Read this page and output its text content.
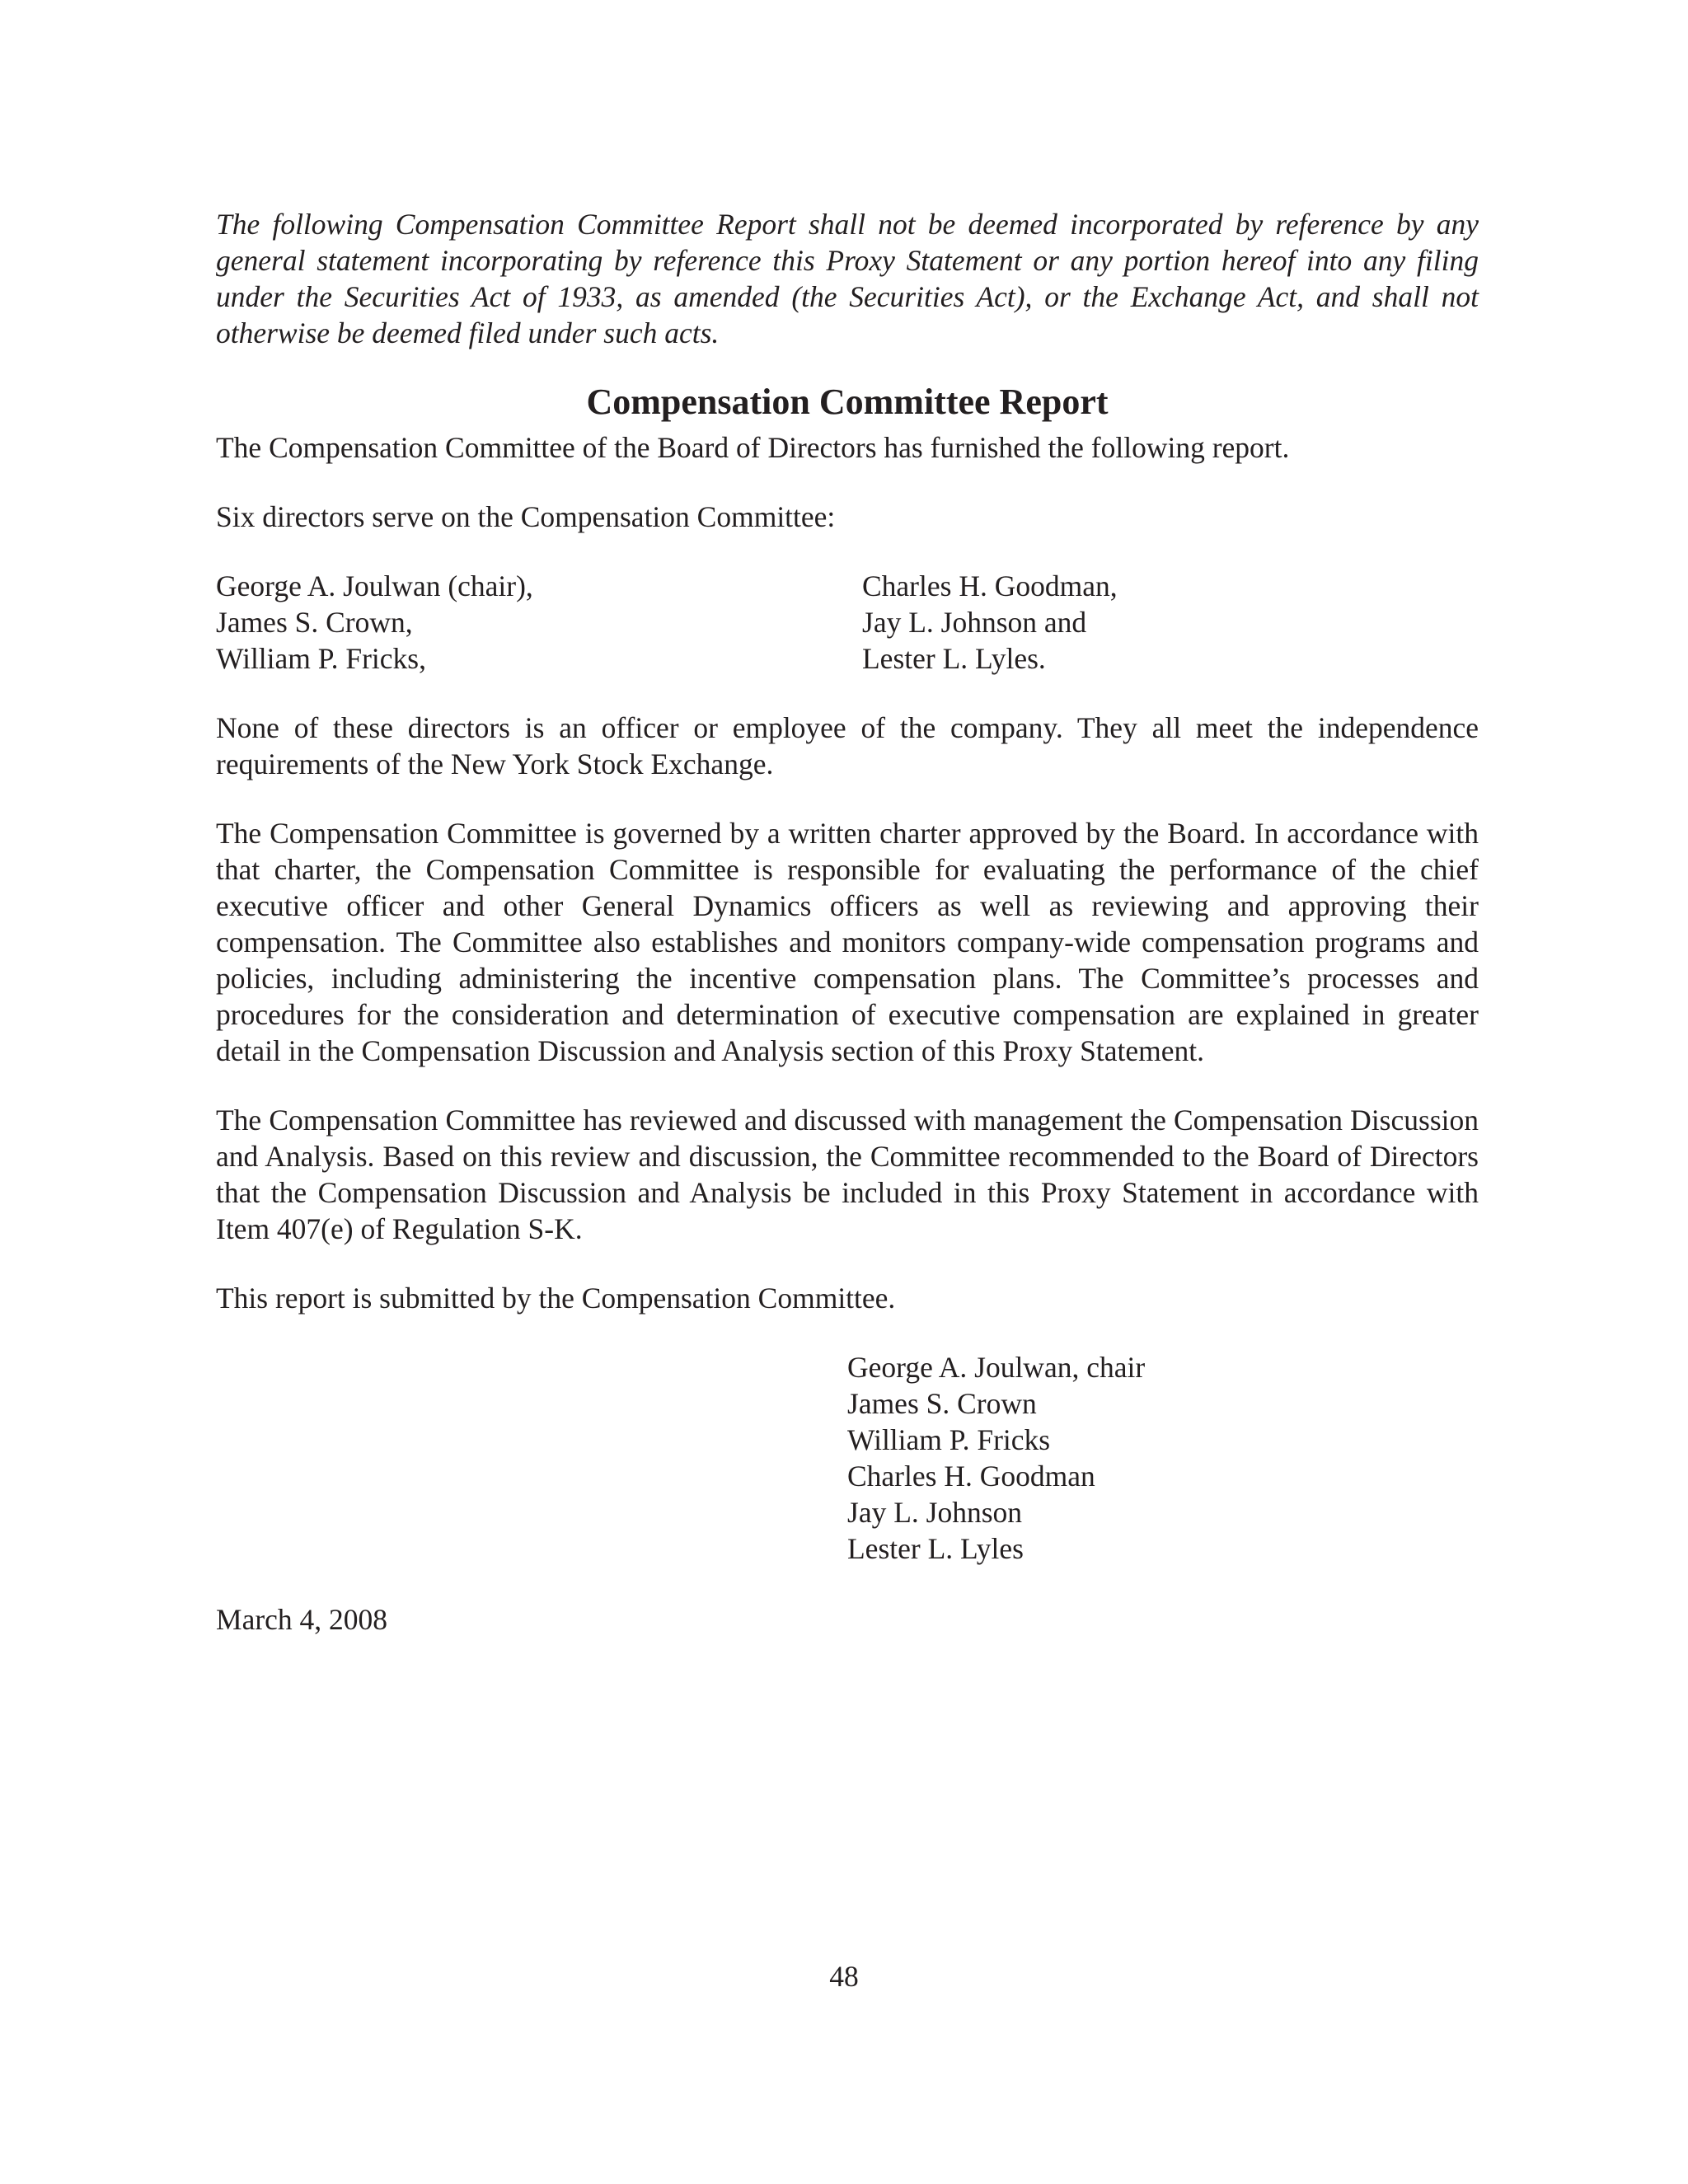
The following Compensation Committee Report shall not be deemed incorporated by reference by any general statement incorporating by reference this Proxy Statement or any portion hereof into any filing under the Securities Act of 1933, as amended (the Securities Act), or the Exchange Act, and shall not otherwise be deemed filed under such acts.

Compensation Committee Report

The Compensation Committee of the Board of Directors has furnished the following report.

Six directors serve on the Compensation Committee:

George A. Joulwan (chair),
James S. Crown,
William P. Fricks,
Charles H. Goodman,
Jay L. Johnson and
Lester L. Lyles.

None of these directors is an officer or employee of the company. They all meet the independence requirements of the New York Stock Exchange.

The Compensation Committee is governed by a written charter approved by the Board. In accordance with that charter, the Compensation Committee is responsible for evaluating the performance of the chief executive officer and other General Dynamics officers as well as reviewing and approving their compensation. The Committee also establishes and monitors company-wide compensation programs and policies, including administering the incentive compensation plans. The Committee’s processes and procedures for the consideration and determination of executive compensation are explained in greater detail in the Compensation Discussion and Analysis section of this Proxy Statement.

The Compensation Committee has reviewed and discussed with management the Compensation Discussion and Analysis. Based on this review and discussion, the Committee recommended to the Board of Directors that the Compensation Discussion and Analysis be included in this Proxy Statement in accordance with Item 407(e) of Regulation S-K.

This report is submitted by the Compensation Committee.

George A. Joulwan, chair
James S. Crown
William P. Fricks
Charles H. Goodman
Jay L. Johnson
Lester L. Lyles

March 4, 2008

48
